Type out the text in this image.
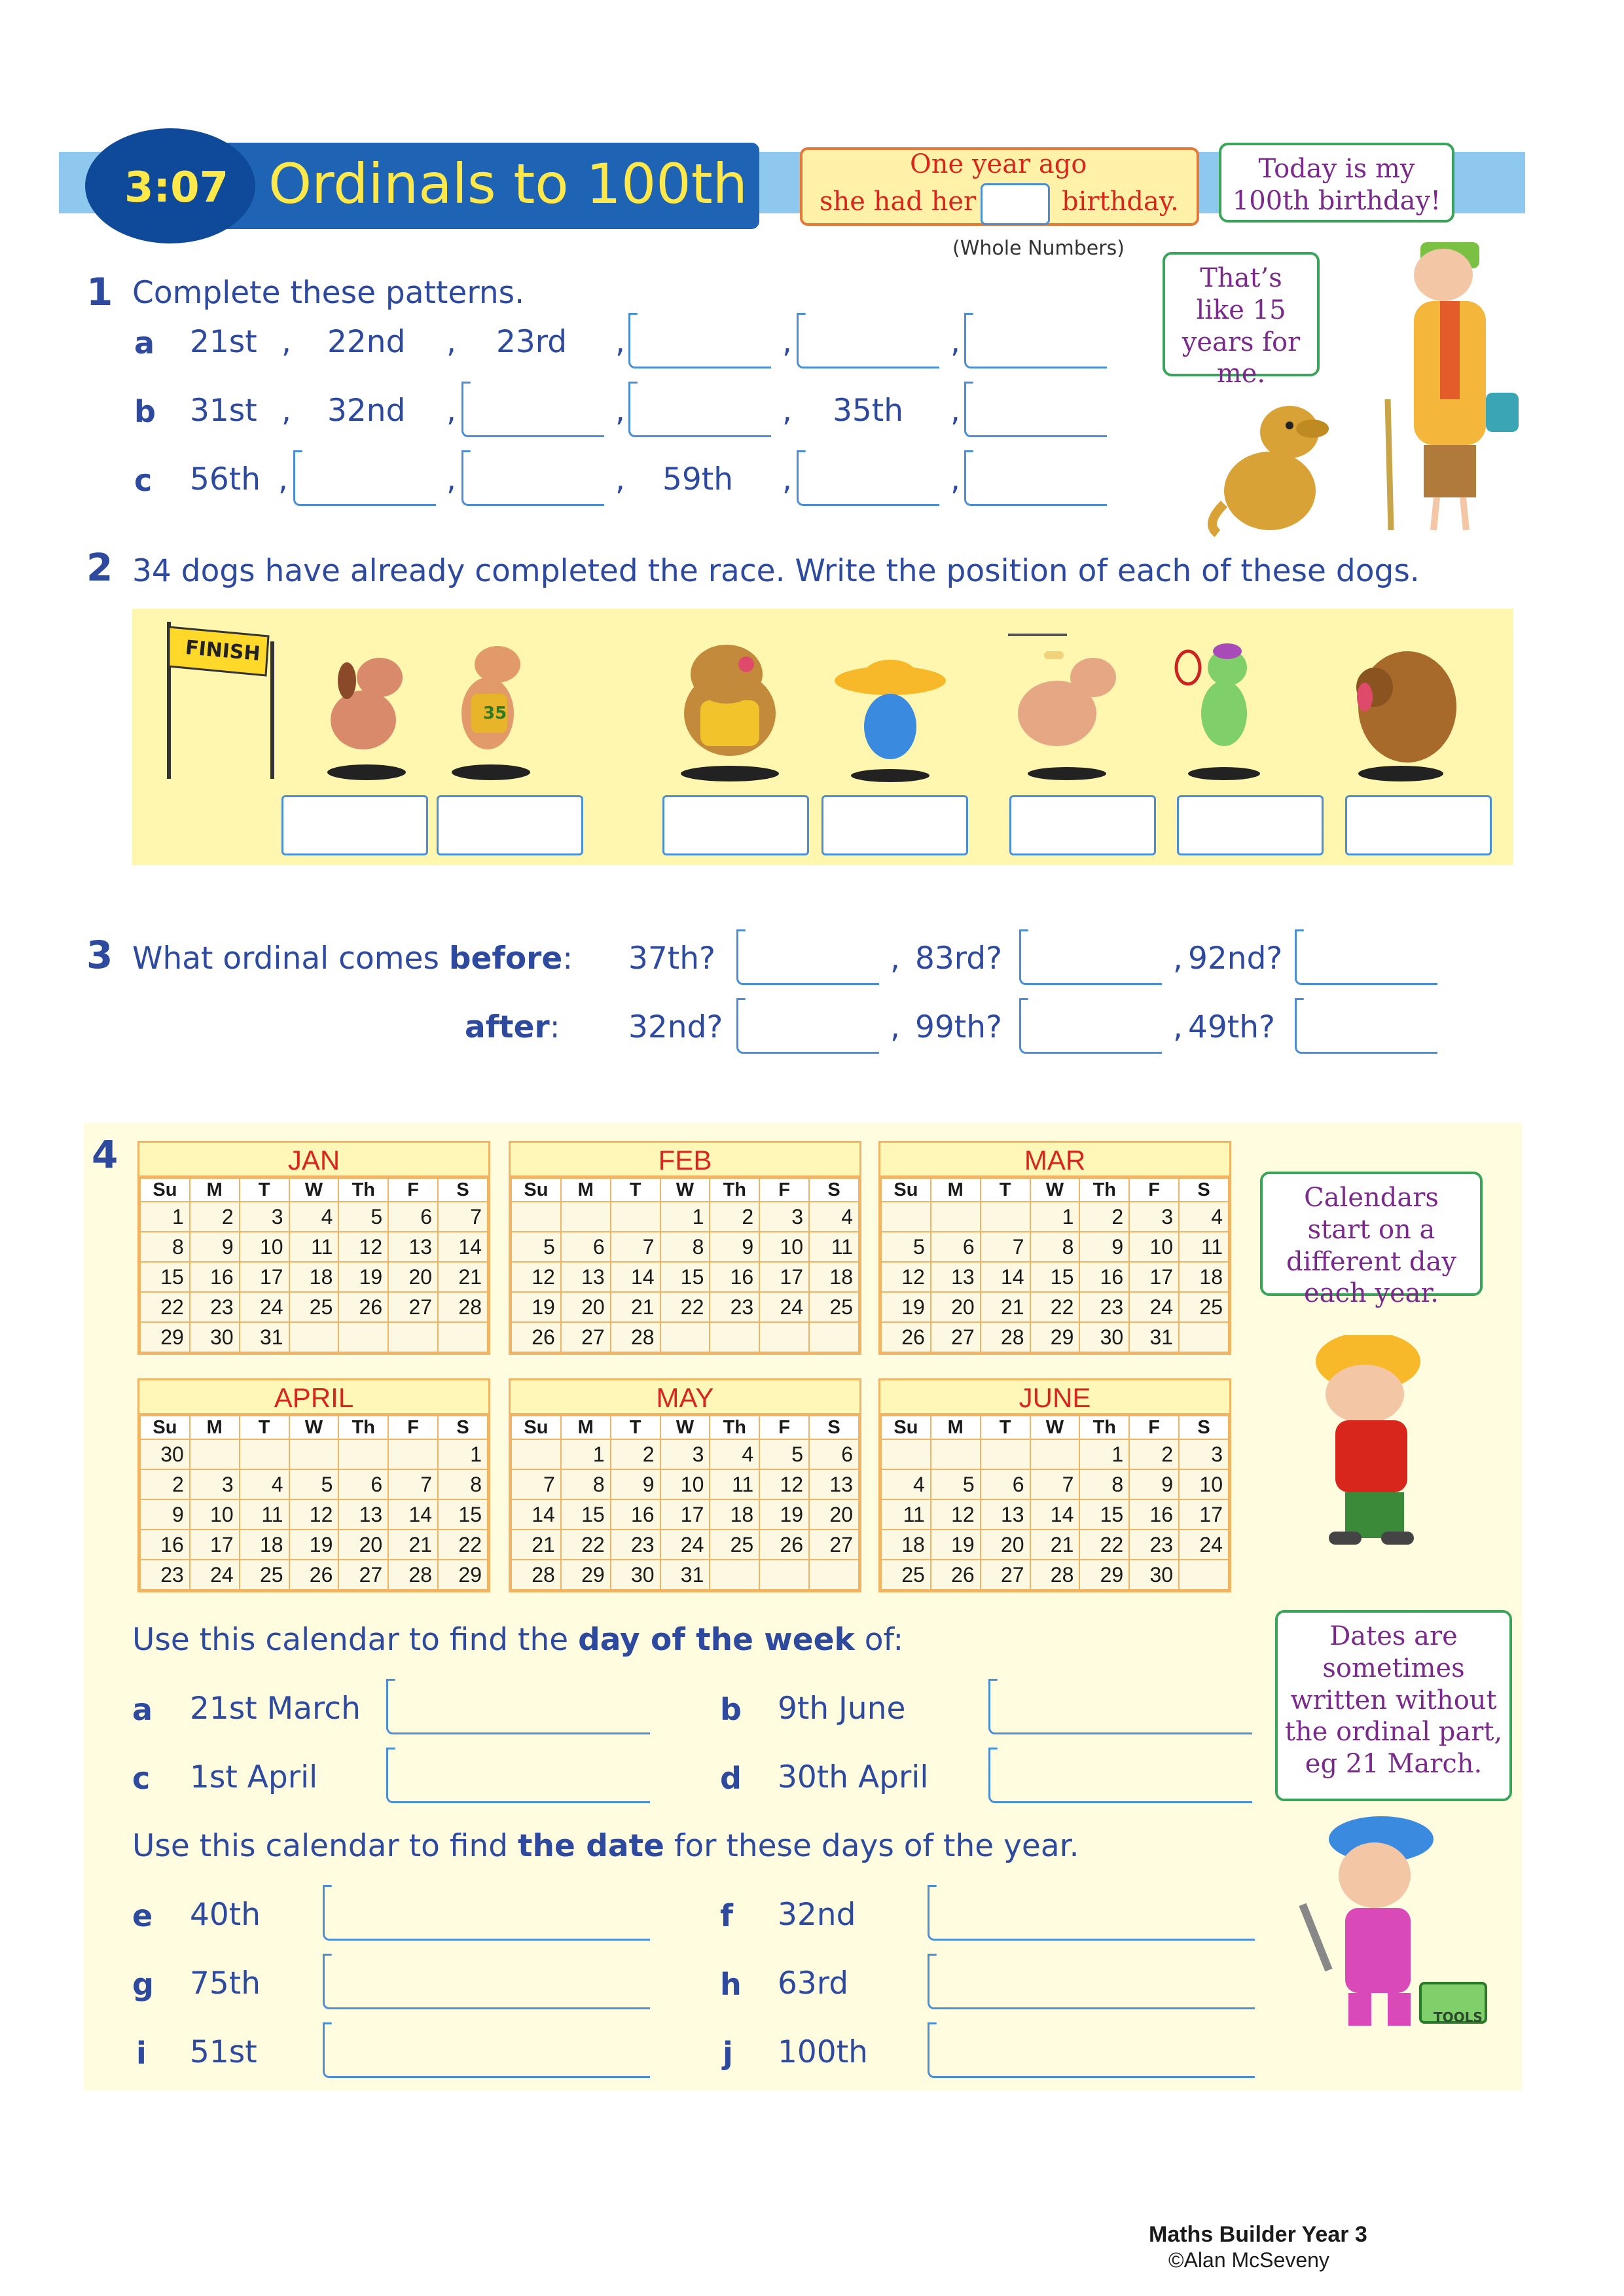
3:07 Ordinals to 100th	One year ago
she had her	birthday.
(Whole Numbers)
Today is my 100th birthday!
That’s like 15 years for me.
1 Complete these patterns.
a 21st , 22nd , 23rd ,	,	,
b 31st , 32nd ,	,	, 35th ,
c 56th ,	,	, 59th ,	,
2 34 dogs have already completed the race. Write the position of each of these dogs.
FINISH
35
3 What ordinal comes before: 37th?	, 83rd?	, 92nd?
after: 32nd?	, 99th?	, 49th?
4	JAN
Su	M	T	W	Th	F	S
1	2	3	4	5	6	7
8	9	10	11	12	13	14
15	16	17	18	19	20	21
22	23	24	25	26	27	28
29	30	31				
FEB
Su	M	T	W	Th	F	S
			1	2	3	4
5	6	7	8	9	10	11
12	13	14	15	16	17	18
19	20	21	22	23	24	25
26	27	28				
MAR
Su	M	T	W	Th	F	S
			1	2	3	4
5	6	7	8	9	10	11
12	13	14	15	16	17	18
19	20	21	22	23	24	25
26	27	28	29	30	31	
APRIL
Su	M	T	W	Th	F	S
30						1
2	3	4	5	6	7	8
9	10	11	12	13	14	15
16	17	18	19	20	21	22
23	24	25	26	27	28	29
MAY
Su	M	T	W	Th	F	S
	1	2	3	4	5	6
7	8	9	10	11	12	13
14	15	16	17	18	19	20
21	22	23	24	25	26	27
28	29	30	31			
JUNE
Su	M	T	W	Th	F	S
				1	2	3
4	5	6	7	8	9	10
11	12	13	14	15	16	17
18	19	20	21	22	23	24
25	26	27	28	29	30	
Calendars start on a different day each year.
Use this calendar to find the day of the week of:
a 21st March	b 9th June
c 1st April	d 30th April
Dates are sometimes written without the ordinal part, eg 21 March.
Use this calendar to find the date for these days of the year.
e 40th	f 32nd
g 75th	h 63rd
i 51st	j 100th
TOOLS
Maths Builder Year 3
©Alan McSeveny
